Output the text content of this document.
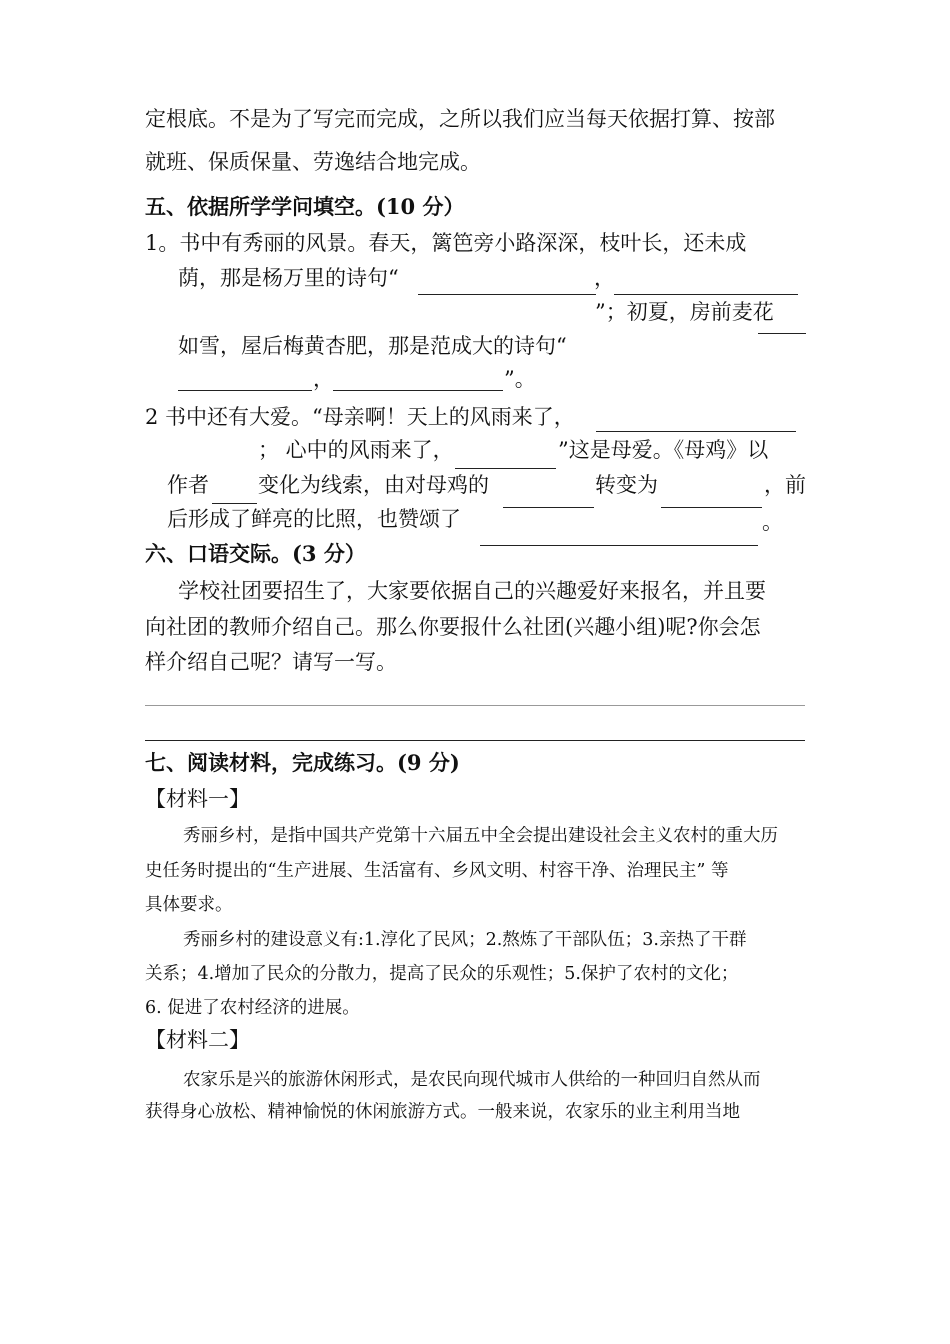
定根底。不是为了写完而完成，之所以我们应当每天依据打算、按部
就班、保质保量、劳逸结合地完成。
五、依据所学学问填空。(10 分）
1。书中有秀丽的风景。春天，篱笆旁小路深深，枝叶长，还未成
荫，那是杨万里的诗句“	，
”；初夏，房前麦花
如雪，屋后梅黄杏肥，那是范成大的诗句“
，	”。
2 书中还有大爱。“母亲啊！天上的风雨来了，
； 心中的风雨来了，	”这是母爱。《母鸡》以
作者 变化为线索，由对母鸡的	转变为	，前
后形成了鲜亮的比照，也赞颂了	。
六、口语交际。(3 分）
学校社团要招生了，大家要依据自己的兴趣爱好来报名，并且要
向社团的教师介绍自己。那么你要报什么社团(兴趣小组)呢?你会怎
样介绍自己呢？请写一写。
七、阅读材料，完成练习。(9 分)
【材料一】
秀丽乡村，是指中国共产党第十六届五中全会提出建设社会主义农村的重大历
史任务时提出的“生产进展、生活富有、乡风文明、村容干净、治理民主” 等
具体要求。
秀丽乡村的建设意义有:1.淳化了民风；2.熬炼了干部队伍；3.亲热了干群
关系；4.增加了民众的分散力，提高了民众的乐观性；5.保护了农村的文化；
6. 促进了农村经济的进展。
【材料二】
农家乐是兴的旅游休闲形式，是农民向现代城市人供给的一种回归自然从而
获得身心放松、精神愉悦的休闲旅游方式。一般来说，农家乐的业主利用当地
